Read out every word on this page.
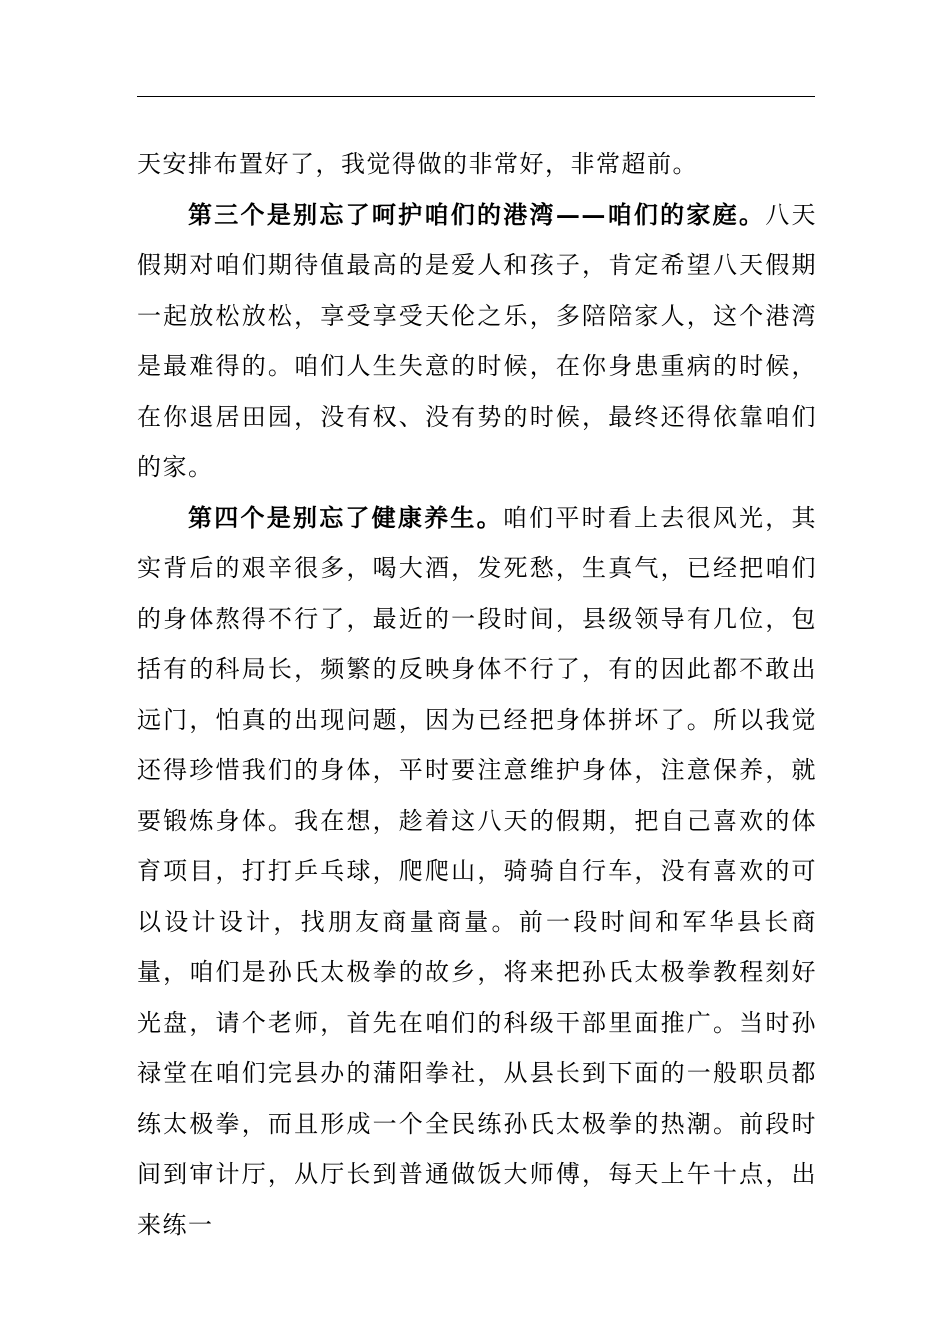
天安排布置好了，我觉得做的非常好，非常超前。

第三个是别忘了呵护咱们的港湾——咱们的家庭。八天假期对咱们期待值最高的是爱人和孩子，肯定希望八天假期一起放松放松，享受享受天伦之乐，多陪陪家人，这个港湾是最难得的。咱们人生失意的时候，在你身患重病的时候，在你退居田园，没有权、没有势的时候，最终还得依靠咱们的家。

第四个是别忘了健康养生。咱们平时看上去很风光，其实背后的艰辛很多，喝大酒，发死愁，生真气，已经把咱们的身体熬得不行了，最近的一段时间，县级领导有几位，包括有的科局长，频繁的反映身体不行了，有的因此都不敢出远门，怕真的出现问题，因为已经把身体拼坏了。所以我觉还得珍惜我们的身体，平时要注意维护身体，注意保养，就要锻炼身体。我在想，趁着这八天的假期，把自己喜欢的体育项目，打打乒乓球，爬爬山，骑骑自行车，没有喜欢的可以设计设计，找朋友商量商量。前一段时间和军华县长商量，咱们是孙氏太极拳的故乡，将来把孙氏太极拳教程刻好光盘，请个老师，首先在咱们的科级干部里面推广。当时孙禄堂在咱们完县办的蒲阳拳社，从县长到下面的一般职员都练太极拳，而且形成一个全民练孙氏太极拳的热潮。前段时间到审计厅，从厅长到普通做饭大师傅，每天上午十点，出来练一
